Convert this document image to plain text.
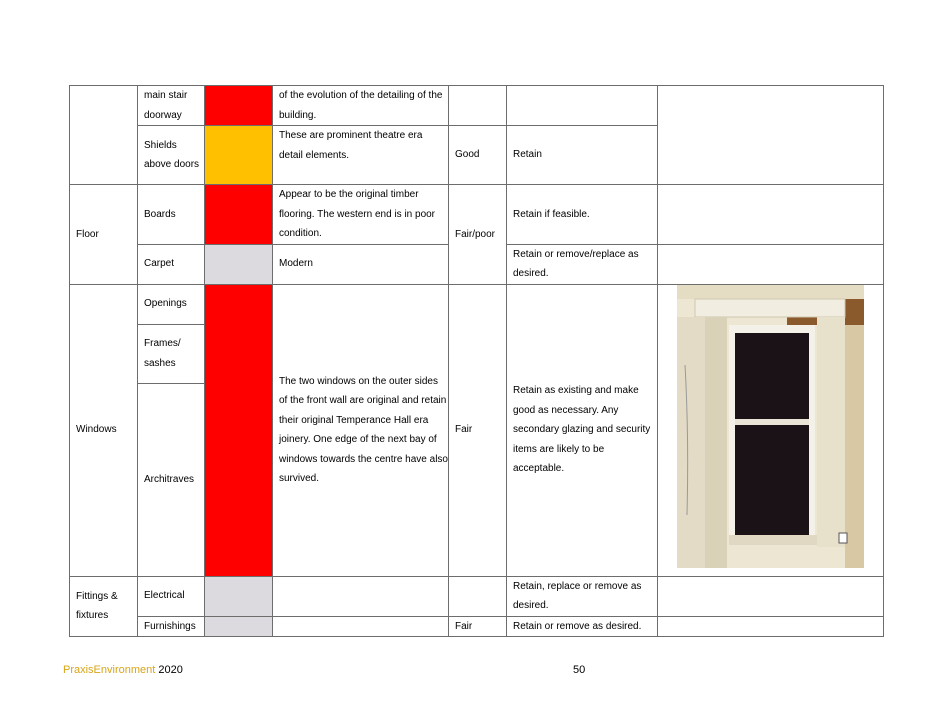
	main stair doorway		of the evolution of the detailing of the building.			
	Shields above doors		These are prominent theatre era detail elements.	Good	Retain	
Floor	Boards		Appear to be the original timber flooring. The western end is in poor condition.	Fair/poor	Retain if feasible.	
	Carpet		Modern		Retain or remove/replace as desired.	
Windows	Openings		The two windows on the outer sides of the front wall are original and retain their original Temperance Hall era joinery. One edge of the next bay of windows towards the centre have also survived.	Fair	Retain as existing and make good as necessary. Any secondary glazing and security items are likely to be acceptable.	

	Frames/ sashes					
	Architraves					
Fittings & fixtures	Electrical				Retain, replace or remove as desired.	
	Furnishings			Fair	Retain or remove as desired.	
PraxisEnvironment 2020	50
